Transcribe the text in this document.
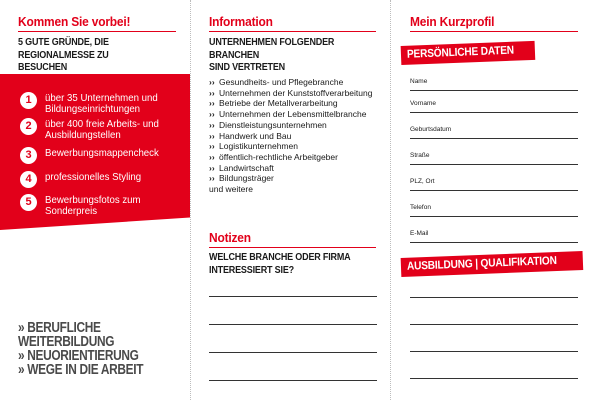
Kommen Sie vorbei!
5 GUTE GRÜNDE, DIE REGIONALMESSE ZU
BESUCHEN
1	über 35 Unternehmen und
Bildungseinrichtungen
2	über 400 freie Arbeits- und
Ausbildungstellen
3	Bewerbungsmappencheck
4	professionelles Styling
5	Bewerbungsfotos zum
Sonderpreis
» BERUFLICHE
WEITERBILDUNG
» NEUORIENTIERUNG
» WEGE IN DIE ARBEIT
Information
UNTERNEHMEN FOLGENDER BRANCHEN
SIND VERTRETEN
›› Gesundheits- und Pflegebranche
›› Unternehmen der Kunststoffverarbeitung
›› Betriebe der Metallverarbeitung
›› Unternehmen der Lebensmittelbranche
›› Dienstleistungsunternehmen
›› Handwerk und Bau
›› Logistikunternehmen
›› öffentlich-rechtliche Arbeitgeber
›› Landwirtschaft
›› Bildungsträger
und weitere
Notizen
WELCHE BRANCHE ODER FIRMA
INTERESSIERT SIE?
Mein Kurzprofil
PERSÖNLICHE DATEN
Name
Vorname
Geburtsdatum
Straße
PLZ, Ort
Telefon
E-Mail
AUSBILDUNG | QUALIFIKATION
